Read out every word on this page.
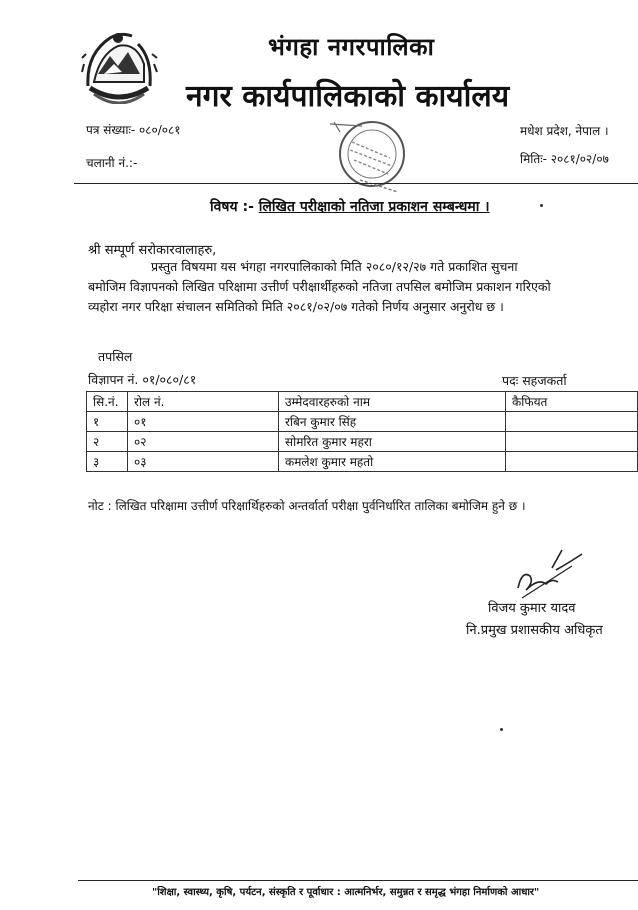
भंगहा नगरपालिका
नगर कार्यपालिकाको कार्यालय
पत्र संख्याः- ०८०/०८१
चलानी नं.:-
मधेश प्रदेश, नेपाल ।
मितिः- २०८१/०२/०७
विषय :- लिखित परीक्षाको नतिजा प्रकाशन सम्बन्धमा ।
श्री सम्पूर्ण सरोकारवालाहरु,
प्रस्तुत विषयमा यस भंगहा नगरपालिकाको मिति २०८०/१२/२७ गते प्रकाशित सुचना
बमोजिम विज्ञापनको लिखित परिक्षामा उत्तीर्ण परीक्षार्थीहरुको नतिजा तपसिल बमोजिम प्रकाशन गरिएको
व्यहोरा नगर परिक्षा संचालन समितिको मिति २०८१/०२/०७ गतेको निर्णय अनुसार अनुरोध छ ।
तपसिल
विज्ञापन नं. ०१/०८०/८१	पदः सहजकर्ता
सि.नं.	रोल नं.	उम्मेदवारहरुको नाम	कैफियत
१	०१	रबिन कुमार सिंह	
२	०२	सोमरित कुमार महरा	
३	०३	कमलेश कुमार महतो	
नोट : लिखित परिक्षामा उत्तीर्ण परिक्षार्थिहरुको अन्तर्वार्ता परीक्षा पुर्वनिर्धारित तालिका बमोजिम हुने छ ।
विजय कुमार यादव
नि.प्रमुख प्रशासकीय अधिकृत
"शिक्षा, स्वास्थ्य, कृषि, पर्यटन, संस्कृति र पूर्वाधार : आत्मनिर्भर, समुन्नत र समृद्ध भंगहा निर्माणको आधार"
